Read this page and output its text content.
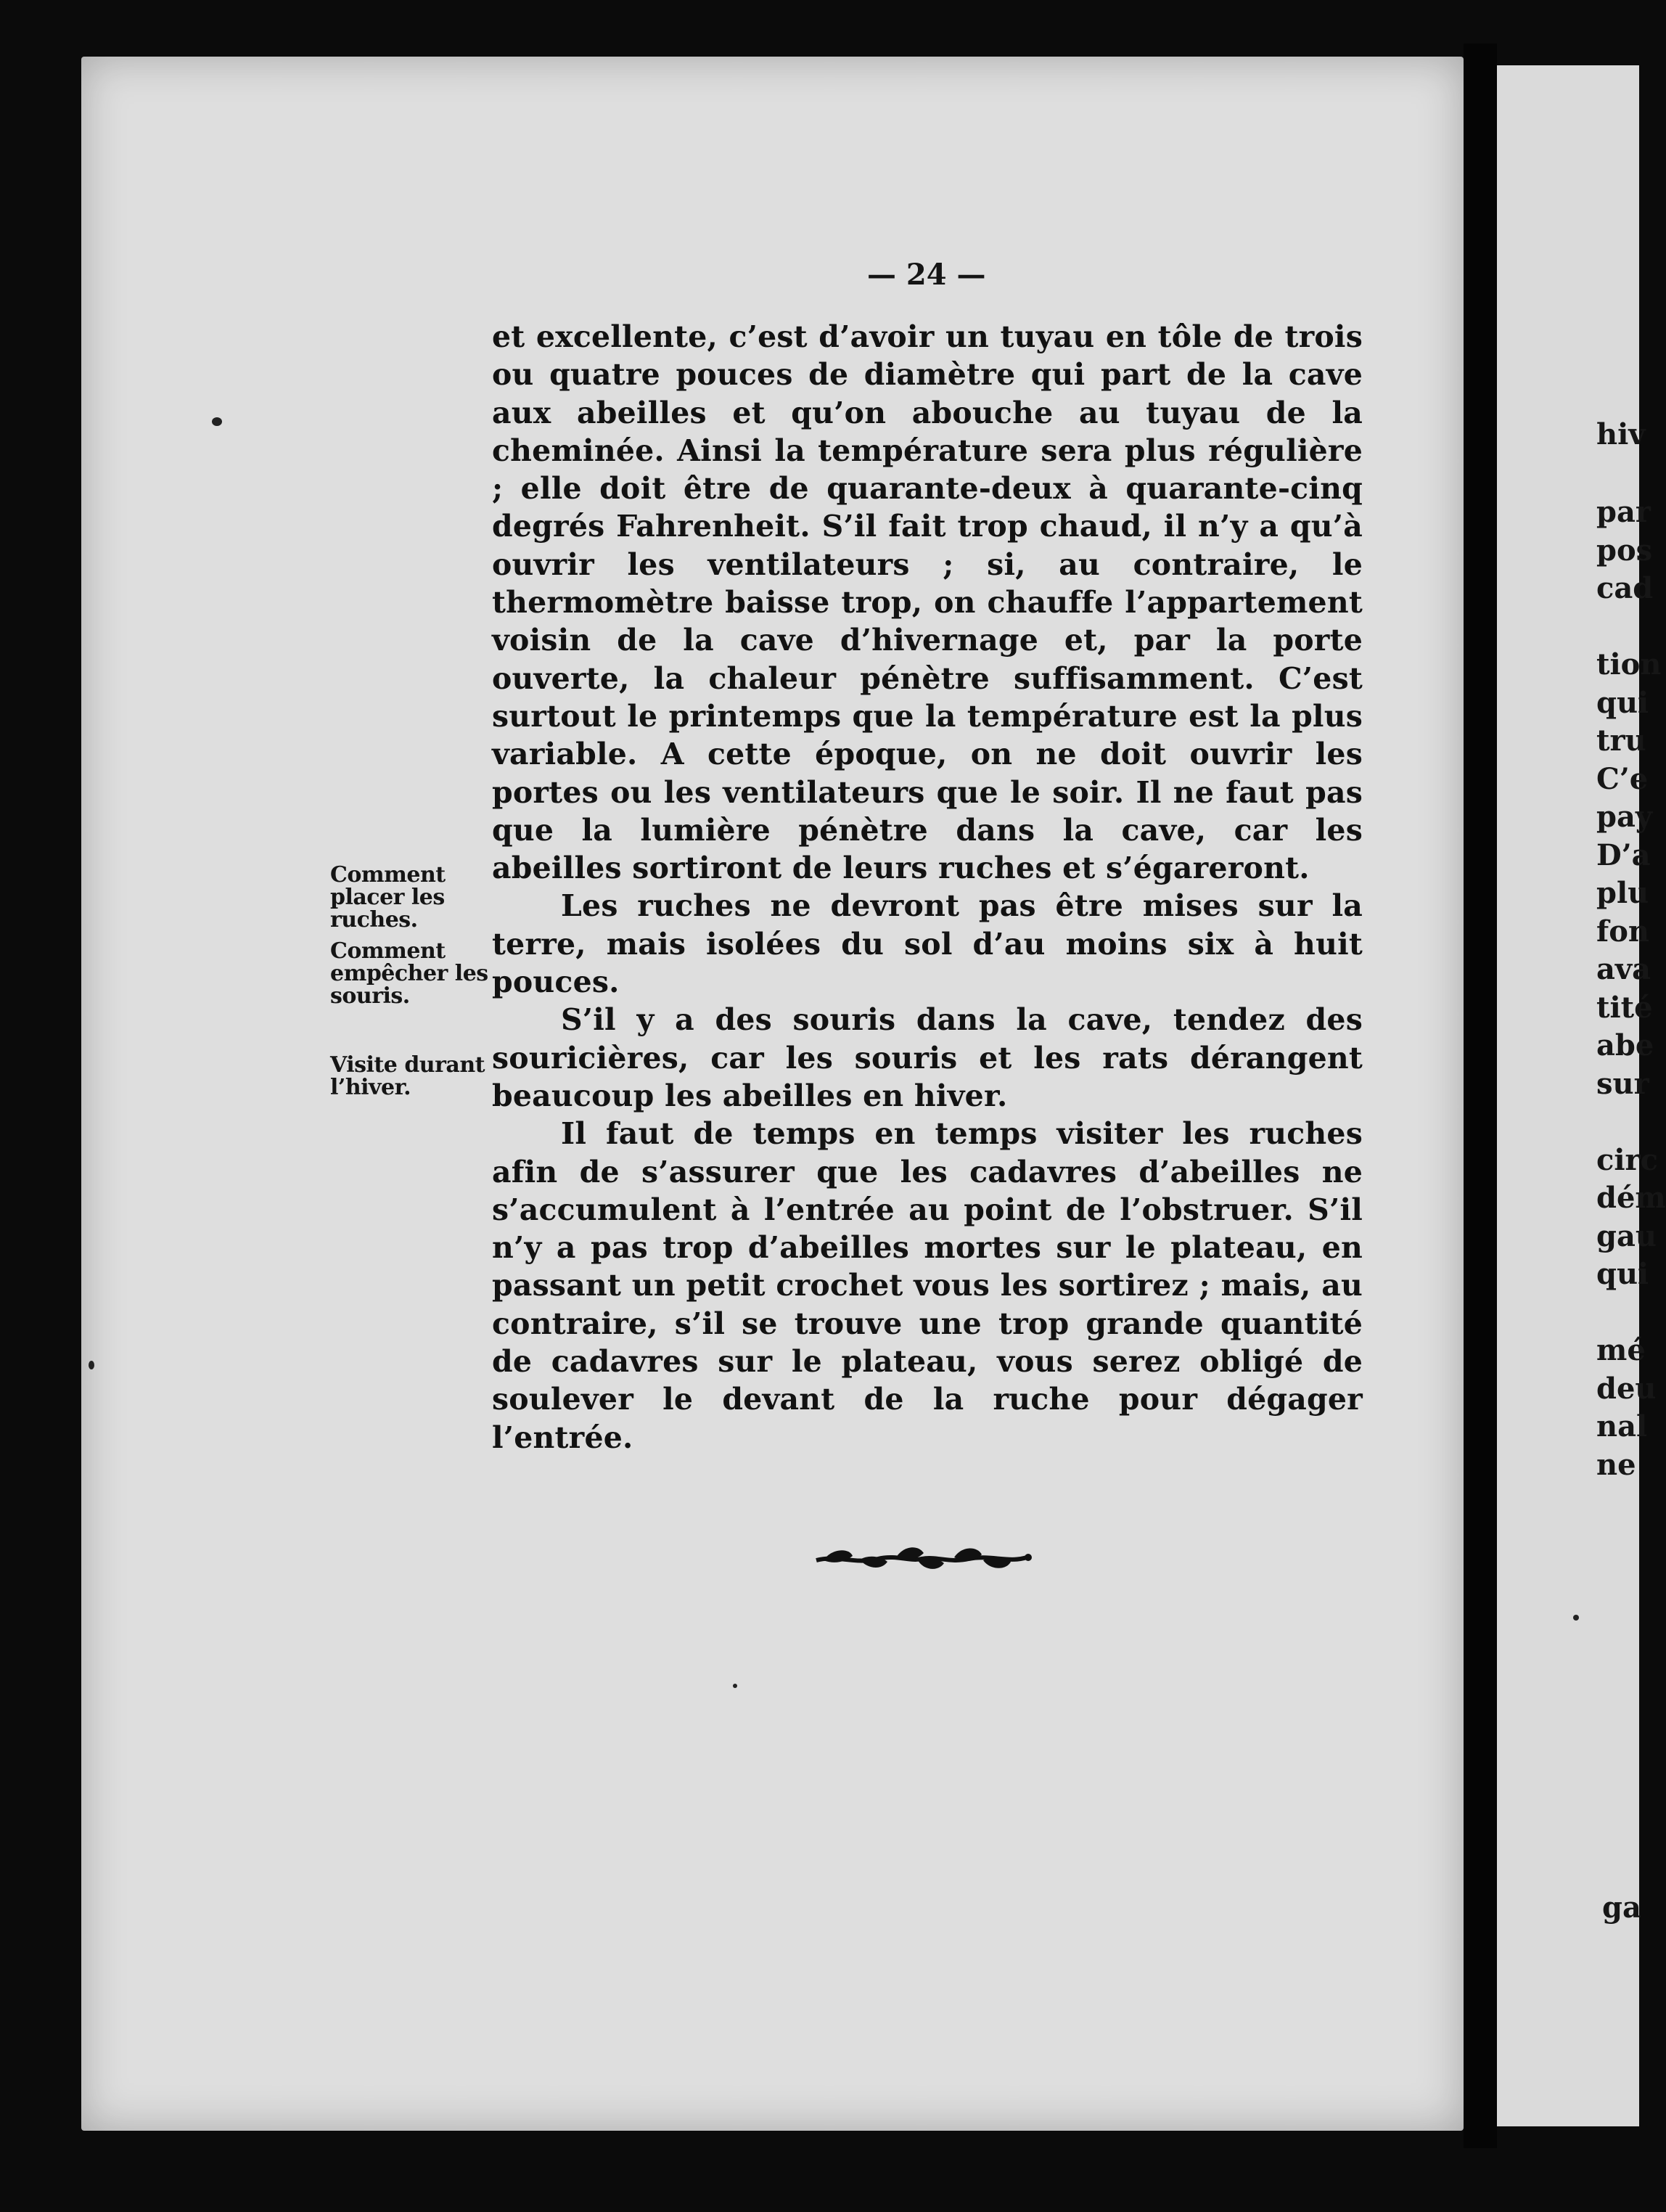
— 24 —

et excellente, c’est d’avoir un tuyau en tôle de trois ou quatre pouces de diamètre qui part de la cave aux abeilles et qu’on abouche au tuyau de la cheminée. Ainsi la température sera plus régulière ; elle doit être de quarante-deux à quarante-cinq degrés Fahrenheit. S’il fait trop chaud, il n’y a qu’à ouvrir les ventilateurs ; si, au contraire, le thermomètre baisse trop, on chauffe l’appartement voisin de la cave d’hivernage et, par la porte ouverte, la chaleur pénètre suffisamment. C’est surtout le printemps que la température est la plus variable. A cette époque, on ne doit ouvrir les portes ou les ventilateurs que le soir. Il ne faut pas que la lumière pénètre dans la cave, car les abeilles sortiront de leurs ruches et s’égareront.

Les ruches ne devront pas être mises sur la terre, mais isolées du sol d’au moins six à huit pouces.

S’il y a des souris dans la cave, tendez des souricières, car les souris et les rats dérangent beaucoup les abeilles en hiver.

Il faut de temps en temps visiter les ruches afin de s’assurer que les cadavres d’abeilles ne s’accumulent à l’entrée au point de l’obstruer. S’il n’y a pas trop d’abeilles mortes sur le plateau, en passant un petit crochet vous les sortirez ; mais, au contraire, s’il se trouve une trop grande quantité de cadavres sur le plateau, vous serez obligé de soulever le devant de la ruche pour dégager l’entrée.

Comment placer les ruches.
Comment empêcher les souris.
Visite durant l’hiver.
hiv
par
pos
cad
tion
qui
tru
C’e
pay
D’a
plu
fon
ava
tité
abe
sur
circ
dém
gau
qui
mé
deu
nal
ne
ga
